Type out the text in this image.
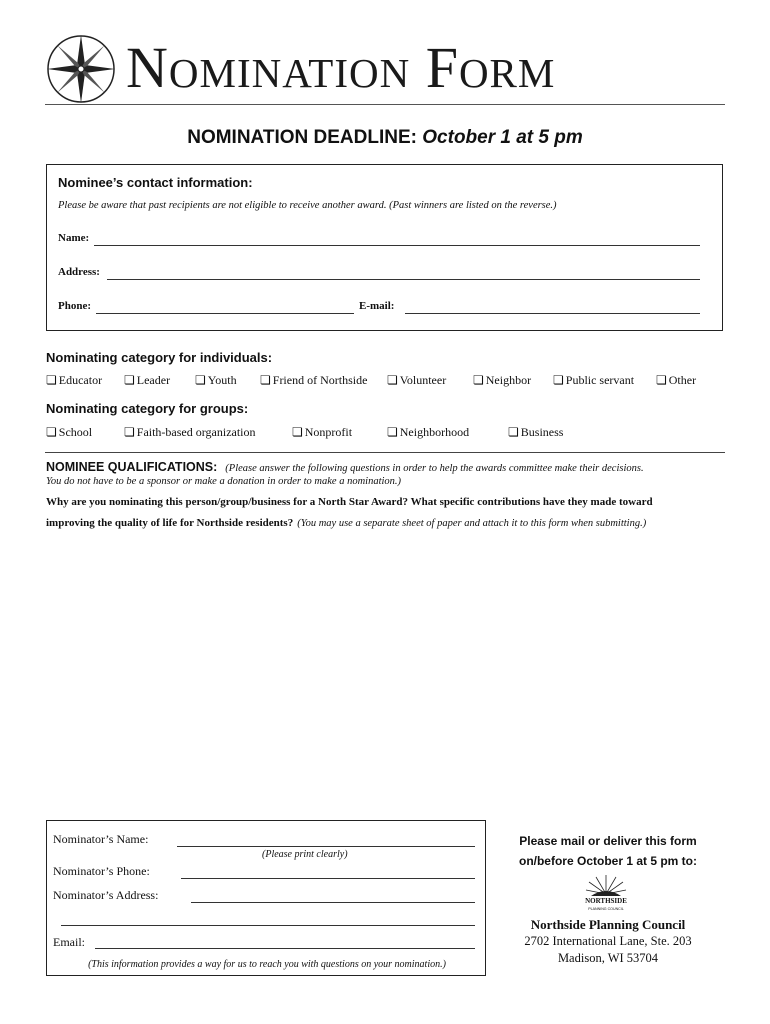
Nomination Form
NOMINATION DEADLINE: October 1 at 5 pm
Nominee’s contact information:
Please be aware that past recipients are not eligible to receive another award. (Past winners are listed on the reverse.)
Name:
Address:
Phone:	E-mail:
Nominating category for individuals:
❏ Educator ❏ Leader ❏ Youth ❏ Friend of Northside ❏ Volunteer ❏ Neighbor ❏ Public servant ❏ Other
Nominating category for groups:
❏ School	❏ Faith-based organization	❏ Nonprofit	❏ Neighborhood	❏ Business
NOMINEE QUALIFICATIONS: (Please answer the following questions in order to help the awards committee make their decisions.
You do not have to be a sponsor or make a donation in order to make a nomination.)
Why are you nominating this person/group/business for a North Star Award? What specific contributions have they made toward
improving the quality of life for Northside residents? (You may use a separate sheet of paper and attach it to this form when submitting.)
Nominator’s Name:
(Please print clearly)
Nominator’s Phone:
Nominator’s Address:
Email:
(This information provides a way for us to reach you with questions on your nomination.)
Please mail or deliver this form
on/before October 1 at 5 pm to:
NORTHSIDE
PLANNING COUNCIL
Northside Planning Council
2702 International Lane, Ste. 203
Madison, WI 53704
